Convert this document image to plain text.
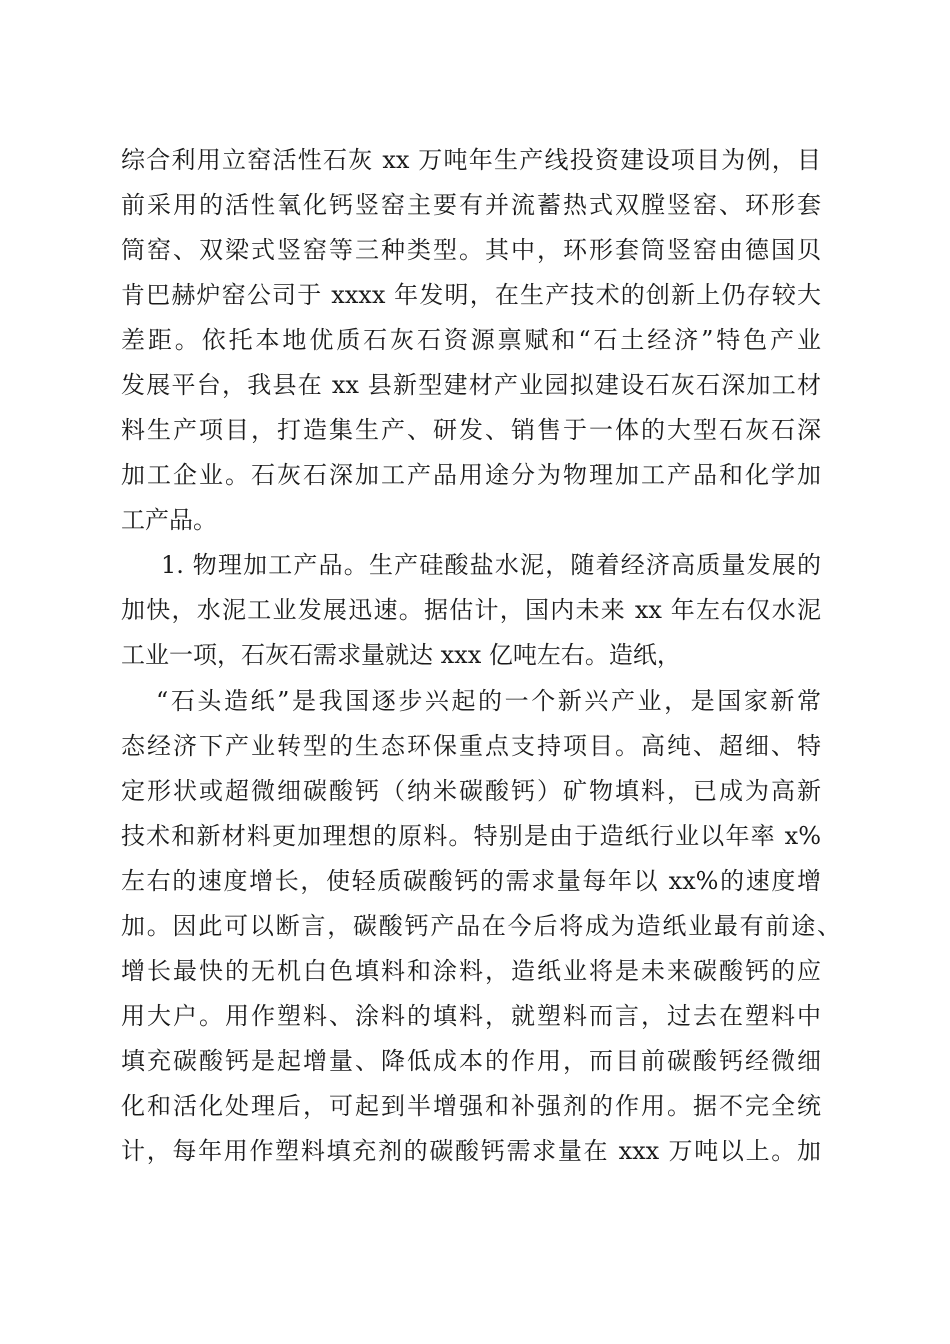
综合利用立窑活性石灰 xx 万吨年生产线投资建设项目为例，目
前采用的活性氧化钙竖窑主要有并流蓄热式双膛竖窑、环形套
筒窑、双梁式竖窑等三种类型。其中，环形套筒竖窑由德国贝
肯巴赫炉窑公司于 xxxx 年发明，在生产技术的创新上仍存较大
差距。依托本地优质石灰石资源禀赋和“石土经济”特色产业
发展平台，我县在 xx 县新型建材产业园拟建设石灰石深加工材
料生产项目，打造集生产、研发、销售于一体的大型石灰石深
加工企业。石灰石深加工产品用途分为物理加工产品和化学加
工产品。
1. 物理加工产品。生产硅酸盐水泥，随着经济高质量发展的
加快，水泥工业发展迅速。据估计，国内未来 xx 年左右仅水泥
工业一项，石灰石需求量就达 xxx 亿吨左右。造纸，
“石头造纸”是我国逐步兴起的一个新兴产业，是国家新常
态经济下产业转型的生态环保重点支持项目。高纯、超细、特
定形状或超微细碳酸钙（纳米碳酸钙）矿物填料，已成为高新
技术和新材料更加理想的原料。特别是由于造纸行业以年率 x%
左右的速度增长，使轻质碳酸钙的需求量每年以 xx%的速度增
加。因此可以断言，碳酸钙产品在今后将成为造纸业最有前途、
增长最快的无机白色填料和涂料，造纸业将是未来碳酸钙的应
用大户。用作塑料、涂料的填料，就塑料而言，过去在塑料中
填充碳酸钙是起增量、降低成本的作用，而目前碳酸钙经微细
化和活化处理后，可起到半增强和补强剂的作用。据不完全统
计，每年用作塑料填充剂的碳酸钙需求量在 xxx 万吨以上。加
